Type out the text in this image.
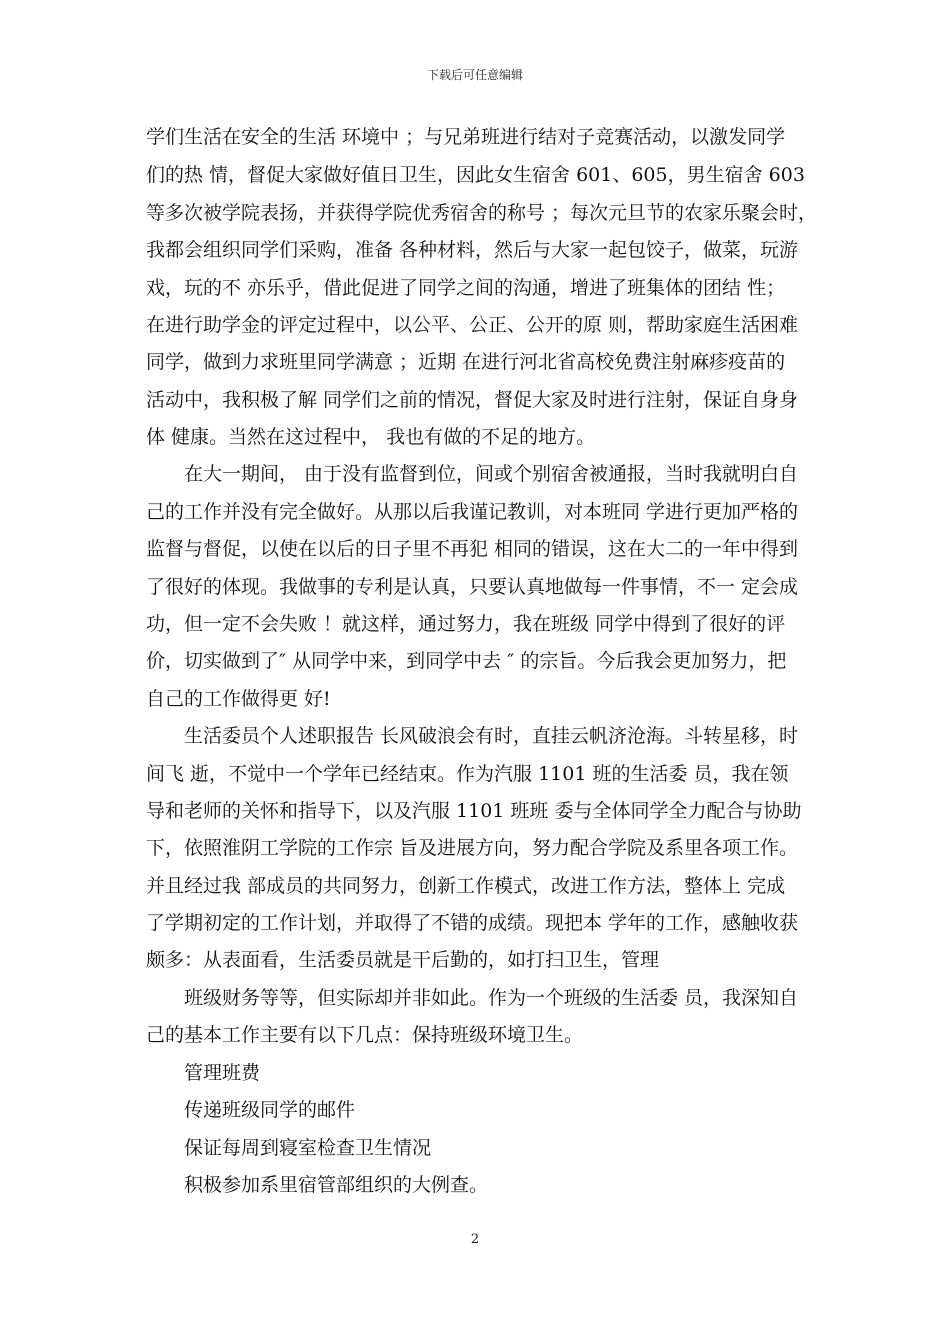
下载后可任意编辑
学们生活在安全的生活 环境中 ；与兄弟班进行结对子竞赛活动，以激发同学
们的热 情，督促大家做好值日卫生，因此女生宿舍 601、605，男生宿舍 603
等多次被学院表扬，并获得学院优秀宿舍的称号 ；每次元旦节的农家乐聚会时，
我都会组织同学们采购，准备 各种材料，然后与大家一起包饺子，做菜，玩游
戏，玩的不 亦乐乎，借此促进了同学之间的沟通，增进了班集体的团结 性；
在进行助学金的评定过程中，以公平、公正、公开的原 则，帮助家庭生活困难
同学，做到力求班里同学满意 ；近期 在进行河北省高校免费注射麻疹疫苗的
活动中，我积极了解 同学们之前的情况，督促大家及时进行注射，保证自身身
体 健康。当然在这过程中， 我也有做的不足的地方。
在大一期间， 由于没有监督到位，间或个别宿舍被通报，当时我就明白自
己的工作并没有完全做好。从那以后我谨记教训，对本班同 学进行更加严格的
监督与督促，以使在以后的日子里不再犯 相同的错误，这在大二的一年中得到
了很好的体现。我做事的专利是认真，只要认真地做每一件事情，不一 定会成
功，但一定不会失败 ！就这样，通过努力，我在班级 同学中得到了很好的评
价，切实做到了″ 从同学中来，到同学中去 ″ 的宗旨。今后我会更加努力，把
自己的工作做得更 好!
生活委员个人述职报告 长风破浪会有时，直挂云帆济沧海。斗转星移，时
间飞 逝，不觉中一个学年已经结束。作为汽服 1101 班的生活委 员，我在领
导和老师的关怀和指导下，以及汽服 1101 班班 委与全体同学全力配合与协助
下，依照淮阴工学院的工作宗 旨及进展方向，努力配合学院及系里各项工作。
并且经过我 部成员的共同努力，创新工作模式，改进工作方法，整体上 完成
了学期初定的工作计划，并取得了不错的成绩。现把本 学年的工作，感触收获
颇多：从表面看，生活委员就是干后勤的，如打扫卫生，管理
班级财务等等，但实际却并非如此。作为一个班级的生活委 员，我深知自
己的基本工作主要有以下几点：保持班级环境卫生。
管理班费
传递班级同学的邮件
保证每周到寝室检查卫生情况
积极参加系里宿管部组织的大例查。
2
